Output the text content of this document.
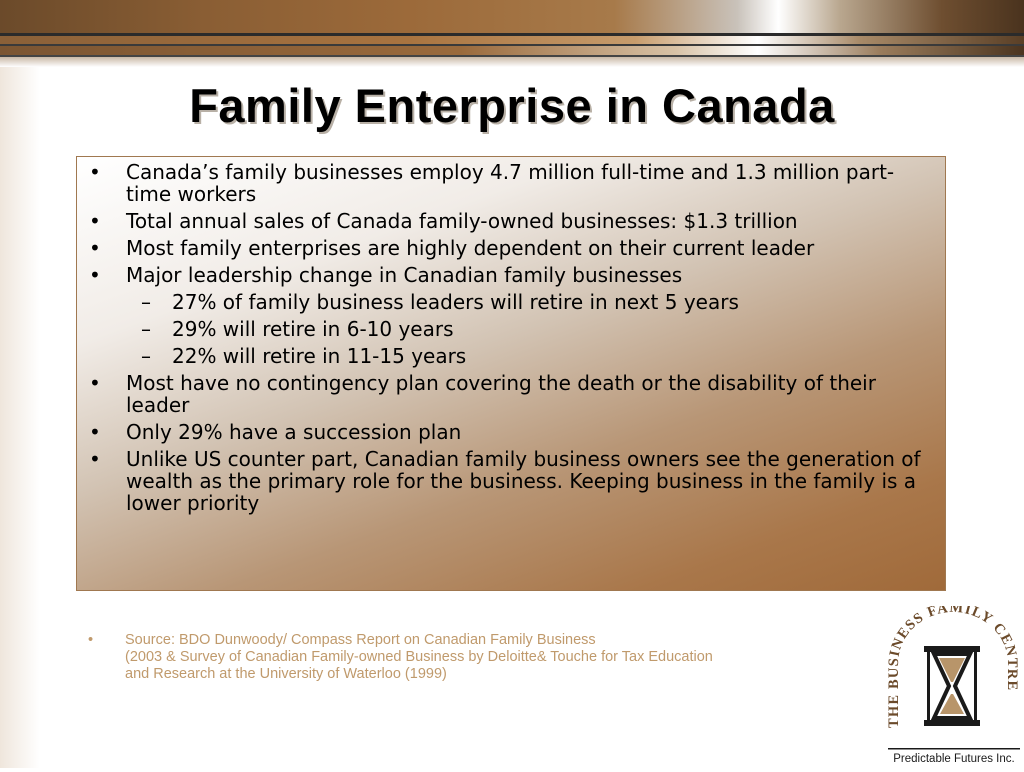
Family Enterprise in Canada
• Canada’s family businesses employ 4.7 million full-time and 1.3 million part-time workers
• Total annual sales of Canada family-owned businesses: $1.3 trillion
• Most family enterprises are highly dependent on their current leader
• Major leadership change in Canadian family businesses
– 27% of family business leaders will retire in next 5 years
– 29% will retire in 6-10 years
– 22% will retire in 11-15 years
• Most have no contingency plan covering the death or the disability of their leader
• Only 29% have a succession plan
• Unlike US counter part, Canadian family business owners see the generation of wealth as the primary role for the business. Keeping business in the family is a lower priority
• Source: BDO Dunwoody/ Compass Report on Canadian Family Business
(2003 & Survey of Canadian Family-owned Business by Deloitte& Touche for Tax Education
and Research at the University of Waterloo (1999)
THE BUSINESS FAMILY CENTRE
Predictable Futures Inc.
